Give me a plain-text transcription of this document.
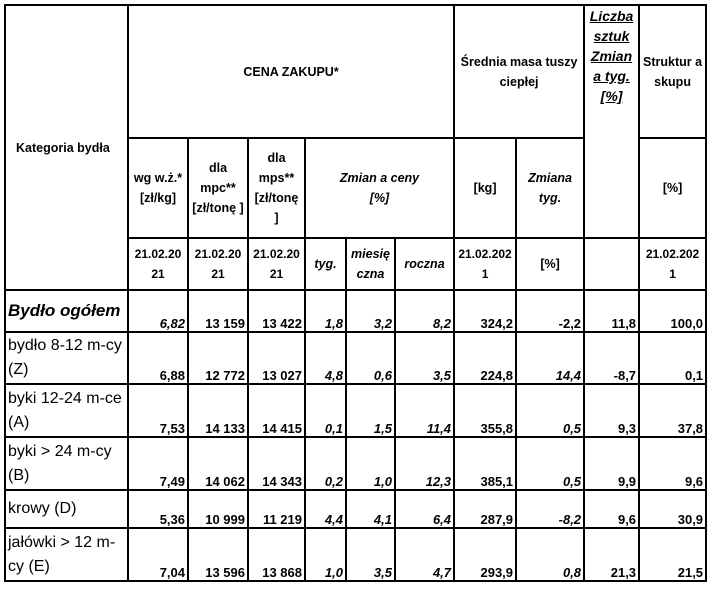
Kategoria bydła	CENA ZAKUPU*						Średnia masa tuszy ciepłej		Liczba sztuk Zmian a tyg. [%]	Struktur a skupu
	wg w.ż.* [zł/kg]	dla mpc** [zł/tonę ]	dla mps** [zł/tonę ]	Zmian a ceny [%]			[kg]	Zmiana tyg.		[%]
	21.02.20 21	21.02.20 21	21.02.20 21	tyg.	miesię czna	roczna	21.02.202 1	[%]		21.02.202 1
Bydło ogółem	6,82	13 159	13 422	1,8	3,2	8,2	324,2	-2,2	11,8	100,0
bydło 8-12 m-cy (Z)	6,88	12 772	13 027	4,8	0,6	3,5	224,8	14,4	-8,7	0,1
byki 12-24 m-ce (A)	7,53	14 133	14 415	0,1	1,5	11,4	355,8	0,5	9,3	37,8
byki > 24 m-cy (B)	7,49	14 062	14 343	0,2	1,0	12,3	385,1	0,5	9,9	9,6
krowy (D)	5,36	10 999	11 219	4,4	4,1	6,4	287,9	-8,2	9,6	30,9
jałówki > 12 m-cy (E)	7,04	13 596	13 868	1,0	3,5	4,7	293,9	0,8	21,3	21,5
